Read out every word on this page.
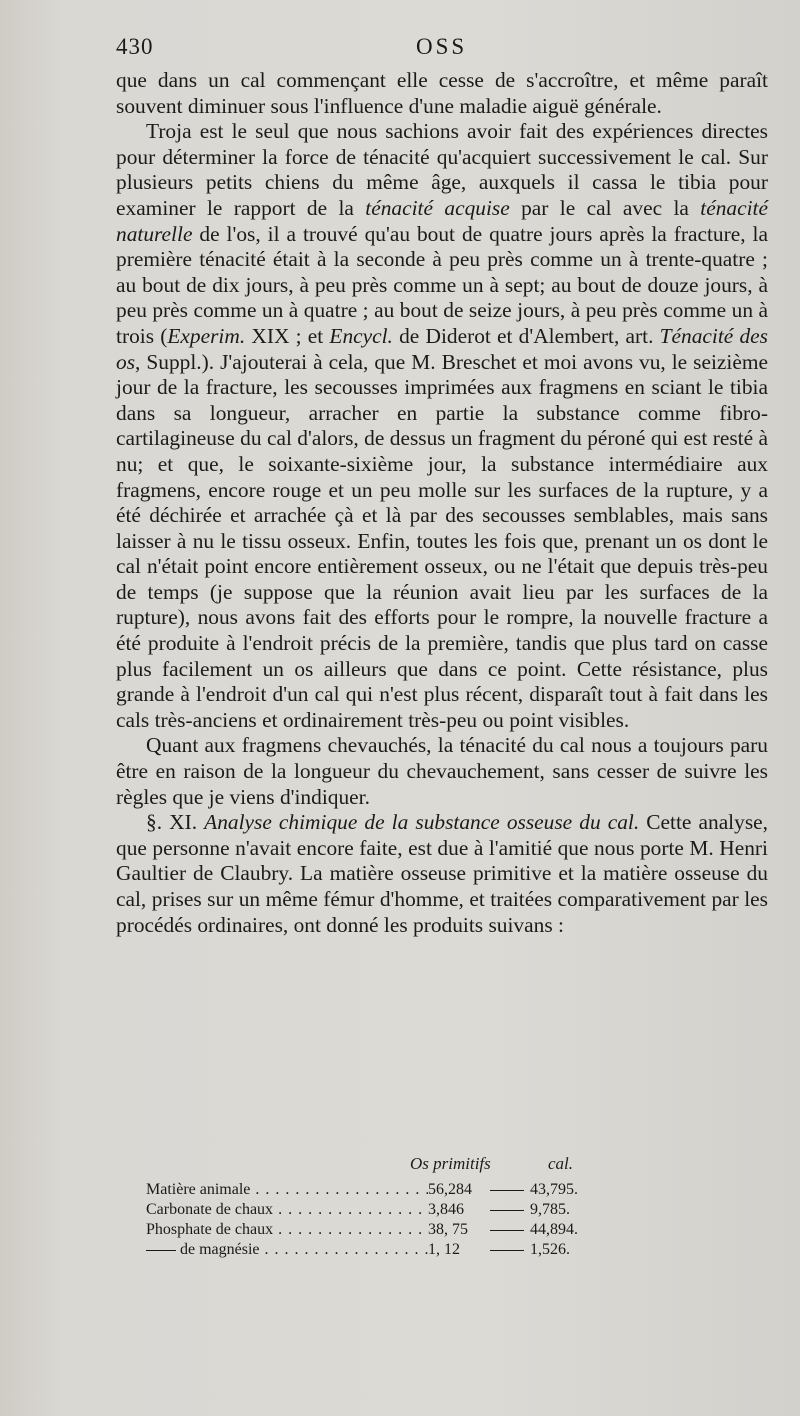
430	OSS

que dans un cal commençant elle cesse de s'accroître, et même paraît souvent diminuer sous l'influence d'une maladie aiguë générale.

Troja est le seul que nous sachions avoir fait des expériences directes pour déterminer la force de ténacité qu'acquiert successivement le cal. Sur plusieurs petits chiens du même âge, auxquels il cassa le tibia pour examiner le rapport de la ténacité acquise par le cal avec la ténacité naturelle de l'os, il a trouvé qu'au bout de quatre jours après la fracture, la première ténacité était à la seconde à peu près comme un à trente-quatre ; au bout de dix jours, à peu près comme un à sept; au bout de douze jours, à peu près comme un à quatre ; au bout de seize jours, à peu près comme un à trois (Experim. XIX ; et Encycl. de Diderot et d'Alembert, art. Ténacité des os, Suppl.). J'ajouterai à cela, que M. Breschet et moi avons vu, le seizième jour de la fracture, les secousses imprimées aux fragmens en sciant le tibia dans sa longueur, arracher en partie la substance comme fibro-cartilagineuse du cal d'alors, de dessus un fragment du péroné qui est resté à nu; et que, le soixante-sixième jour, la substance intermédiaire aux fragmens, encore rouge et un peu molle sur les surfaces de la rupture, y a été déchirée et arrachée çà et là par des secousses semblables, mais sans laisser à nu le tissu osseux. Enfin, toutes les fois que, prenant un os dont le cal n'était point encore entièrement osseux, ou ne l'était que depuis très-peu de temps (je suppose que la réunion avait lieu par les surfaces de la rupture), nous avons fait des efforts pour le rompre, la nouvelle fracture a été produite à l'endroit précis de la première, tandis que plus tard on casse plus facilement un os ailleurs que dans ce point. Cette résistance, plus grande à l'endroit d'un cal qui n'est plus récent, disparaît tout à fait dans les cals très-anciens et ordinairement très-peu ou point visibles.

Quant aux fragmens chevauchés, la ténacité du cal nous a toujours paru être en raison de la longueur du chevauchement, sans cesser de suivre les règles que je viens d'indiquer.

§. XI. Analyse chimique de la substance osseuse du cal. Cette analyse, que personne n'avait encore faite, est due à l'amitié que nous porte M. Henri Gaultier de Claubry. La matière osseuse primitive et la matière osseuse du cal, prises sur un même fémur d'homme, et traitées comparativement par les procédés ordinaires, ont donné les produits suivans :

Os primitifs	cal.
Matière animale . . .	56,284	43,795.
Carbonate de chaux . . .	3,846	9,785.
Phosphate de chaux . . .	38, 75	44,894.
de magnésie . . .	1, 12	1,526.
